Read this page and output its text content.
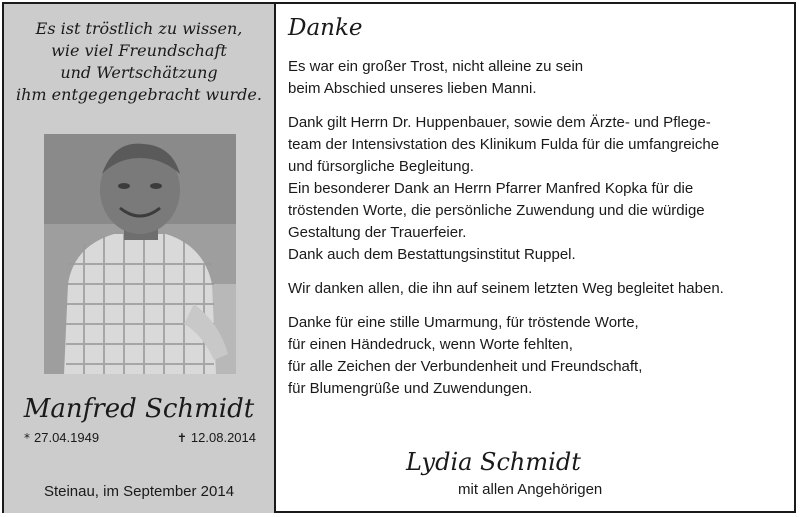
Es ist tröstlich zu wissen,
wie viel Freundschaft
und Wertschätzung
ihm entgegengebracht wurde.
Manfred Schmidt
* 27.04.1949	✝ 12.08.2014
Steinau, im September 2014
Danke
Es war ein großer Trost, nicht alleine zu sein
beim Abschied unseres lieben Manni.
Dank gilt Herrn Dr. Huppenbauer, sowie dem Ärzte- und Pflege-
team der Intensivstation des Klinikum Fulda für die umfangreiche
und fürsorgliche Begleitung.
Ein besonderer Dank an Herrn Pfarrer Manfred Kopka für die
tröstenden Worte, die persönliche Zuwendung und die würdige
Gestaltung der Trauerfeier.
Dank auch dem Bestattungsinstitut Ruppel.
Wir danken allen, die ihn auf seinem letzten Weg begleitet haben.
Danke für eine stille Umarmung, für tröstende Worte,
für einen Händedruck, wenn Worte fehlten,
für alle Zeichen der Verbundenheit und Freundschaft,
für Blumengrüße und Zuwendungen.
Lydia Schmidt
mit allen Angehörigen
